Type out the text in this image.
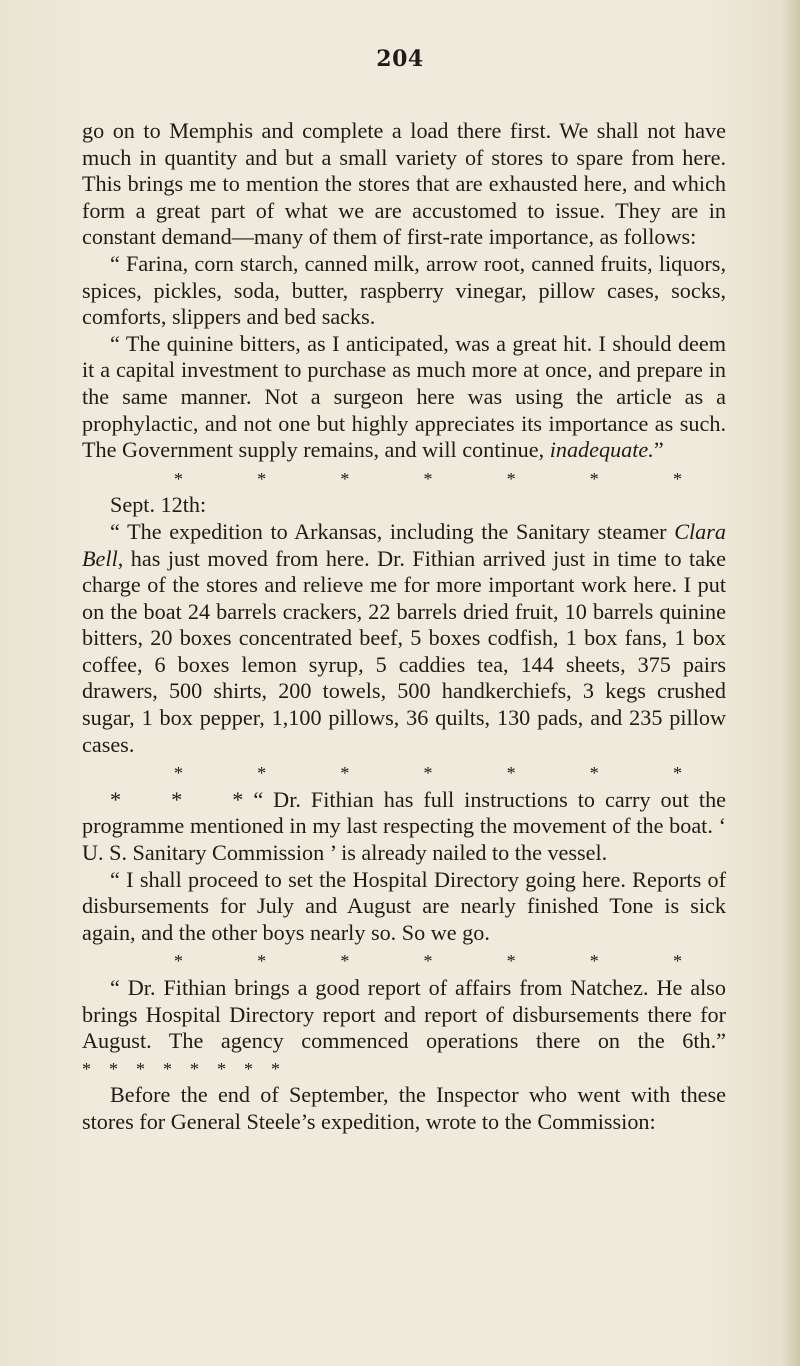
204

go on to Memphis and complete a load there first. We shall not have much in quantity and but a small variety of stores to spare from here. This brings me to mention the stores that are exhausted here, and which form a great part of what we are accustomed to issue. They are in constant demand—many of them of first-rate importance, as follows:

“ Farina, corn starch, canned milk, arrow root, canned fruits, liquors, spices, pickles, soda, butter, raspberry vinegar, pillow cases, socks, comforts, slippers and bed sacks.

“ The quinine bitters, as I anticipated, was a great hit. I should deem it a capital investment to purchase as much more at once, and prepare in the same manner. Not a surgeon here was using the article as a prophylactic, and not one but highly appreciates its importance as such. The Government supply remains, and will continue, inadequate.”

*	*	*	*	*	*	*

Sept. 12th:

“ The expedition to Arkansas, including the Sanitary steamer Clara Bell, has just moved from here. Dr. Fithian arrived just in time to take charge of the stores and relieve me for more important work here. I put on the boat 24 barrels crackers, 22 barrels dried fruit, 10 barrels quinine bitters, 20 boxes concentrated beef, 5 boxes codfish, 1 box fans, 1 box coffee, 6 boxes lemon syrup, 5 caddies tea, 144 sheets, 375 pairs drawers, 500 shirts, 200 towels, 500 handkerchiefs, 3 kegs crushed sugar, 1 box pepper, 1,100 pillows, 36 quilts, 130 pads, and 235 pillow cases.

*	*	*	*	*	*	*

*     *     * “ Dr. Fithian has full instructions to carry out the programme mentioned in my last respecting the movement of the boat. ‘ U. S. Sanitary Commission ’ is already nailed to the vessel.

“ I shall proceed to set the Hospital Directory going here. Reports of disbursements for July and August are nearly finished Tone is sick again, and the other boys nearly so. So we go.

*	*	*	*	*	*	*

“ Dr. Fithian brings a good report of affairs from Natchez. He also brings Hospital Directory report and report of disbursements there for August. The agency commenced operations there on the 6th.” *    *    *    *    *    *    *    *

Before the end of September, the Inspector who went with these stores for General Steele’s expedition, wrote to the Commission:
